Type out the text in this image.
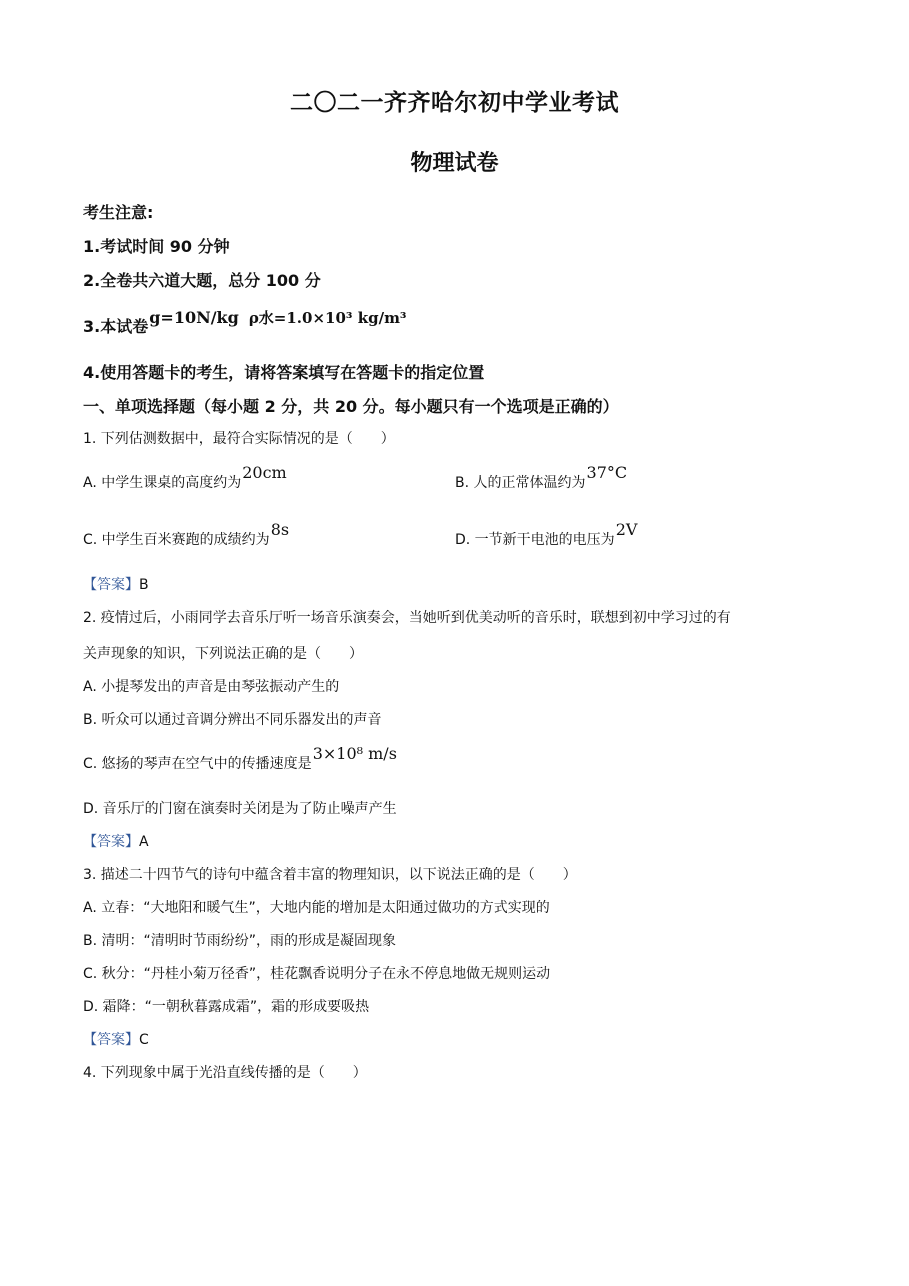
二〇二一齐齐哈尔初中学业考试
物理试卷
考生注意:
1.考试时间 90 分钟
2.全卷共六道大题，总分 100 分
3.本试卷g=10N/kg ρ水=1.0×10³ kg/m³
4.使用答题卡的考生，请将答案填写在答题卡的指定位置
一、单项选择题（每小题 2 分，共 20 分。每小题只有一个选项是正确的）
1. 下列估测数据中，最符合实际情况的是（　　）
A. 中学生课桌的高度约为20cm
B. 人的正常体温约为37°C
C. 中学生百米赛跑的成绩约为8s
D. 一节新干电池的电压为2V
【答案】B
2. 疫情过后，小雨同学去音乐厅听一场音乐演奏会，当她听到优美动听的音乐时，联想到初中学习过的有
关声现象的知识，下列说法正确的是（　　）
A. 小提琴发出的声音是由琴弦振动产生的
B. 听众可以通过音调分辨出不同乐器发出的声音
C. 悠扬的琴声在空气中的传播速度是3×10⁸ m/s
D. 音乐厅的门窗在演奏时关闭是为了防止噪声产生
【答案】A
3. 描述二十四节气的诗句中蕴含着丰富的物理知识，以下说法正确的是（　　）
A. 立春：“大地阳和暖气生”，大地内能的增加是太阳通过做功的方式实现的
B. 清明：“清明时节雨纷纷”，雨的形成是凝固现象
C. 秋分：“丹桂小菊万径香”，桂花飘香说明分子在永不停息地做无规则运动
D. 霜降：“一朝秋暮露成霜”，霜的形成要吸热
【答案】C
4. 下列现象中属于光沿直线传播的是（　　）
